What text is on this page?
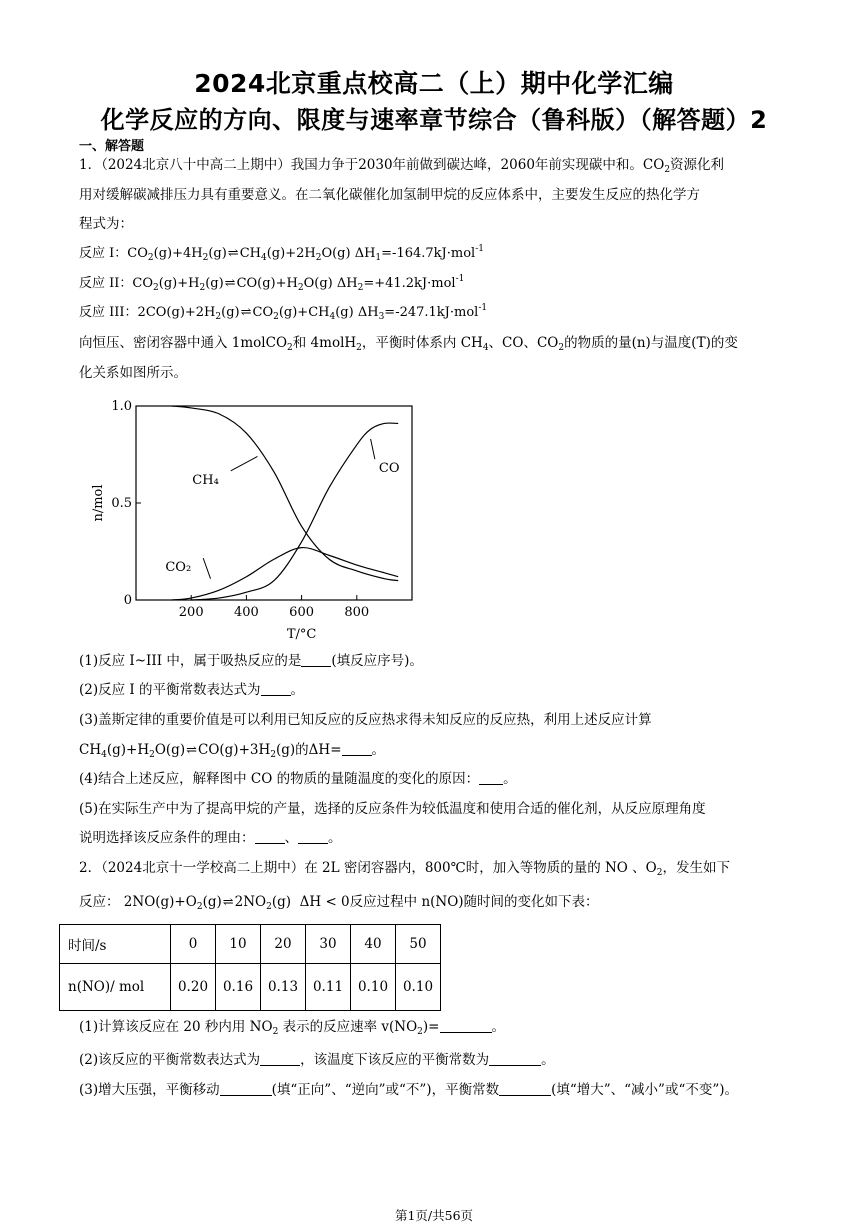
2024北京重点校高二（上）期中化学汇编
化学反应的方向、限度与速率章节综合（鲁科版）（解答题）2
一、解答题
1．（2024北京八十中高二上期中）我国力争于2030年前做到碳达峰，2060年前实现碳中和。$CO_2$资源化利
用对缓解碳减排压力具有重要意义。在二氧化碳催化加氢制甲烷的反应体系中，主要发生反应的热化学方
程式为：
反应 I：$CO_2(g)+4H_2(g)\rightleftharpoons CH_4(g)+2H_2O(g)$ $\Delta H_1=-164.7kJ\cdot mol^{-1}$
反应 II：$CO_2(g)+H_2(g)\rightleftharpoons CO(g)+H_2O(g)$ $\Delta H_2=+41.2kJ\cdot mol^{-1}$
反应 III：$2CO(g)+2H_2(g)\rightleftharpoons CO_2(g)+CH_4(g)$ $\Delta H_3=-247.1kJ\cdot mol^{-1}$
向恒压、密闭容器中通入 1molCO$_2$和 4molH$_2$，平衡时体系内 $CH_4$、CO、$CO_2$的物质的量(n)与温度(T)的变
化关系如图所示。
200 400 600 800
0
0.5
1.0
T/°C
n/mol
CH₄
CO
CO₂
(1)反应 I~III 中，属于吸热反应的是 (填反应序号)。
(2)反应 I 的平衡常数表达式为 。
(3)盖斯定律的重要价值是可以利用已知反应的反应热求得未知反应的反应热，利用上述反应计算
$CH_4(g)+H_2O(g)\rightleftharpoons CO(g)+3H_2(g)$的ΔH= 。
(4)结合上述反应，解释图中 CO 的物质的量随温度的变化的原因： 。
(5)在实际生产中为了提高甲烷的产量，选择的反应条件为较低温度和使用合适的催化剂，从反应原理角度
说明选择该反应条件的理由： 、 。
2．（2024北京十一学校高二上期中）在 2L 密闭容器内，800℃时，加入等物质的量的 NO 、$O_2$，发生如下
反应： $2NO(g)+O_2(g)\rightleftharpoons 2NO_2(g) \Delta H < 0$反应过程中 n(NO)随时间的变化如下表：
时间/s	0	10	20	30	40	50
n(NO)/ mol	0.20	0.16	0.13	0.11	0.10	0.10
(1)计算该反应在 20 秒内用 $NO_2$ 表示的反应速率 $v(NO_2)=$	。
(2)该反应的平衡常数表达式为	，该温度下该反应的平衡常数为	。
(3)增大压强，平衡移动	(填“正向”、“逆向”或“不”)，平衡常数	(填“增大”、“减小”或“不变”)。
第1页/共56页
